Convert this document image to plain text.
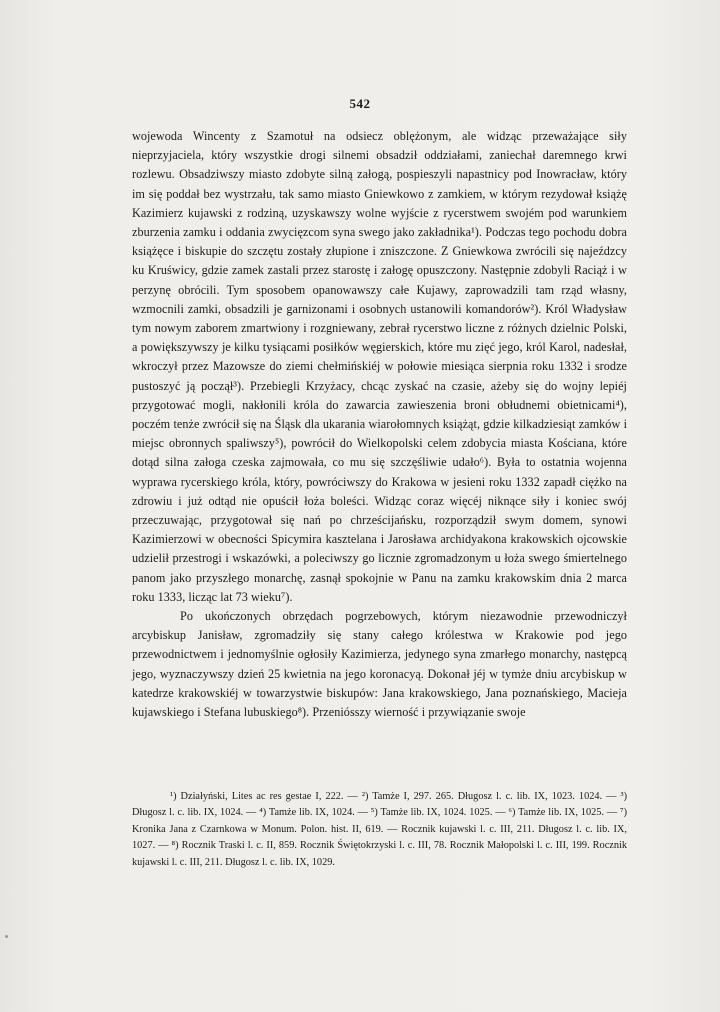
542

wojewoda Wincenty z Szamotuł na odsiecz oblężonym, ale widząc przeważające siły nieprzyjaciela, który wszystkie drogi silnemi obsadził oddziałami, zaniechał daremnego krwi rozlewu. Obsadziwszy miasto zdobyte silną załogą, pospieszyli napastnicy pod Inowracław, który im się poddał bez wystrzału, tak samo miasto Gniewkowo z zamkiem, w którym rezydował książę Kazimierz kujawski z rodziną, uzyskawszy wolne wyjście z rycerstwem swojém pod warunkiem zburzenia zamku i oddania zwycięzcom syna swego jako zakładnika¹). Podczas tego pochodu dobra książęce i biskupie do szczętu zostały złupione i zniszczone. Z Gniewkowa zwrócili się najeźdzcy ku Kruświcy, gdzie zamek zastali przez starostę i załogę opuszczony. Następnie zdobyli Raciąż i w perzynę obrócili. Tym sposobem opanowawszy całe Kujawy, zaprowadzili tam rząd własny, wzmocnili zamki, obsadzili je garnizonami i osobnych ustanowili komandorów²). Król Władysław tym nowym zaborem zmartwiony i rozgniewany, zebrał rycerstwo liczne z różnych dzielnic Polski, a powiększywszy je kilku tysiącami posiłków węgierskich, które mu zięć jego, król Karol, nadesłał, wkroczył przez Mazowsze do ziemi chełmińskiéj w połowie miesiąca sierpnia roku 1332 i srodze pustoszyć ją począł³). Przebiegli Krzyżacy, chcąc zyskać na czasie, ażeby się do wojny lepiéj przygotować mogli, nakłonili króla do zawarcia zawieszenia broni obłudnemi obietnicami⁴), poczém tenże zwrócił się na Śląsk dla ukarania wiarołomnych książąt, gdzie kilkadziesiąt zamków i miejsc obronnych spaliwszy⁵), powrócił do Wielkopolski celem zdobycia miasta Kościana, które dotąd silna załoga czeska zajmowała, co mu się szczęśliwie udało⁶). Była to ostatnia wojenna wyprawa rycerskiego króla, który, powróciwszy do Krakowa w jesieni roku 1332 zapadł ciężko na zdrowiu i już odtąd nie opuścił łoża boleści. Widząc coraz więcéj niknące siły i koniec swój przeczuwając, przygotował się nań po chrześcijańsku, rozporządził swym domem, synowi Kazimierzowi w obecności Spicymira kasztelana i Jarosława archidyakona krakowskich ojcowskie udzielił przestrogi i wskazówki, a poleciwszy go licznie zgromadzonym u łoża swego śmiertelnego panom jako przyszłego monarchę, zasnął spokojnie w Panu na zamku krakowskim dnia 2 marca roku 1333, licząc lat 73 wieku⁷).

Po ukończonych obrzędach pogrzebowych, którym niezawodnie przewodniczył arcybiskup Janisław, zgromadziły się stany całego królestwa w Krakowie pod jego przewodnictwem i jednomyślnie ogłosiły Kazimierza, jedynego syna zmarłego monarchy, następcą jego, wyznaczywszy dzień 25 kwietnia na jego koronacyą. Dokonał jéj w tymże dniu arcybiskup w katedrze krakowskiéj w towarzystwie biskupów: Jana krakowskiego, Jana poznańskiego, Macieja kujawskiego i Stefana lubuskiego⁸). Przeniósszy wierność i przywiązanie swoje

¹) Działyński, Lites ac res gestae I, 222. — ²) Tamże I, 297. 265. Długosz l. c. lib. IX, 1023. 1024. — ³) Długosz l. c. lib. IX, 1024. — ⁴) Tamże lib. IX, 1024. — ⁵) Tamże lib. IX, 1024. 1025. — ⁶) Tamże lib. IX, 1025. — ⁷) Kronika Janа z Czarnkowa w Monum. Polon. hist. II, 619. — Rocznik kujawski l. c. III, 211. Długosz l. c. lib. IX, 1027. — ⁸) Rocznik Traski l. c. II, 859. Rocznik Świętokrzyski l. c. III, 78. Rocznik Małopolski l. c. III, 199. Rocznik kujawski l. c. III, 211. Długosz l. c. lib. IX, 1029.
